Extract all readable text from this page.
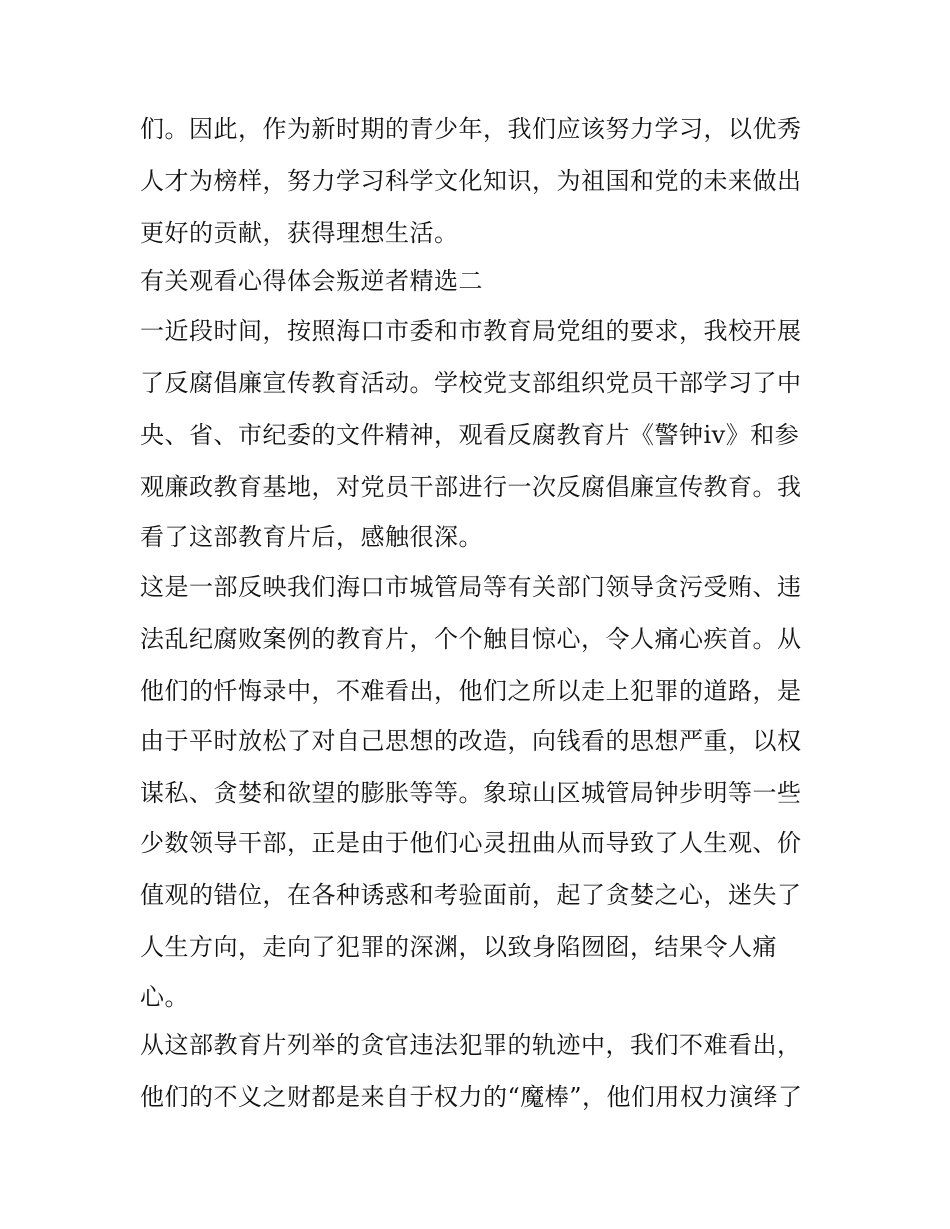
们。因此，作为新时期的青少年，我们应该努力学习，以优秀
人才为榜样，努力学习科学文化知识，为祖国和党的未来做出
更好的贡献，获得理想生活。
有关观看心得体会叛逆者精选二
一近段时间，按照海口市委和市教育局党组的要求，我校开展
了反腐倡廉宣传教育活动。学校党支部组织党员干部学习了中
央、省、市纪委的文件精神，观看反腐教育片《警钟iv》和参
观廉政教育基地，对党员干部进行一次反腐倡廉宣传教育。我
看了这部教育片后，感触很深。
这是一部反映我们海口市城管局等有关部门领导贪污受贿、违
法乱纪腐败案例的教育片，个个触目惊心，令人痛心疾首。从
他们的忏悔录中，不难看出，他们之所以走上犯罪的道路，是
由于平时放松了对自己思想的改造，向钱看的思想严重，以权
谋私、贪婪和欲望的膨胀等等。象琼山区城管局钟步明等一些
少数领导干部，正是由于他们心灵扭曲从而导致了人生观、价
值观的错位，在各种诱惑和考验面前，起了贪婪之心，迷失了
人生方向，走向了犯罪的深渊，以致身陷囫囵，结果令人痛
心。
从这部教育片列举的贪官违法犯罪的轨迹中，我们不难看出，
他们的不义之财都是来自于权力的“魔棒”，他们用权力演绎了
